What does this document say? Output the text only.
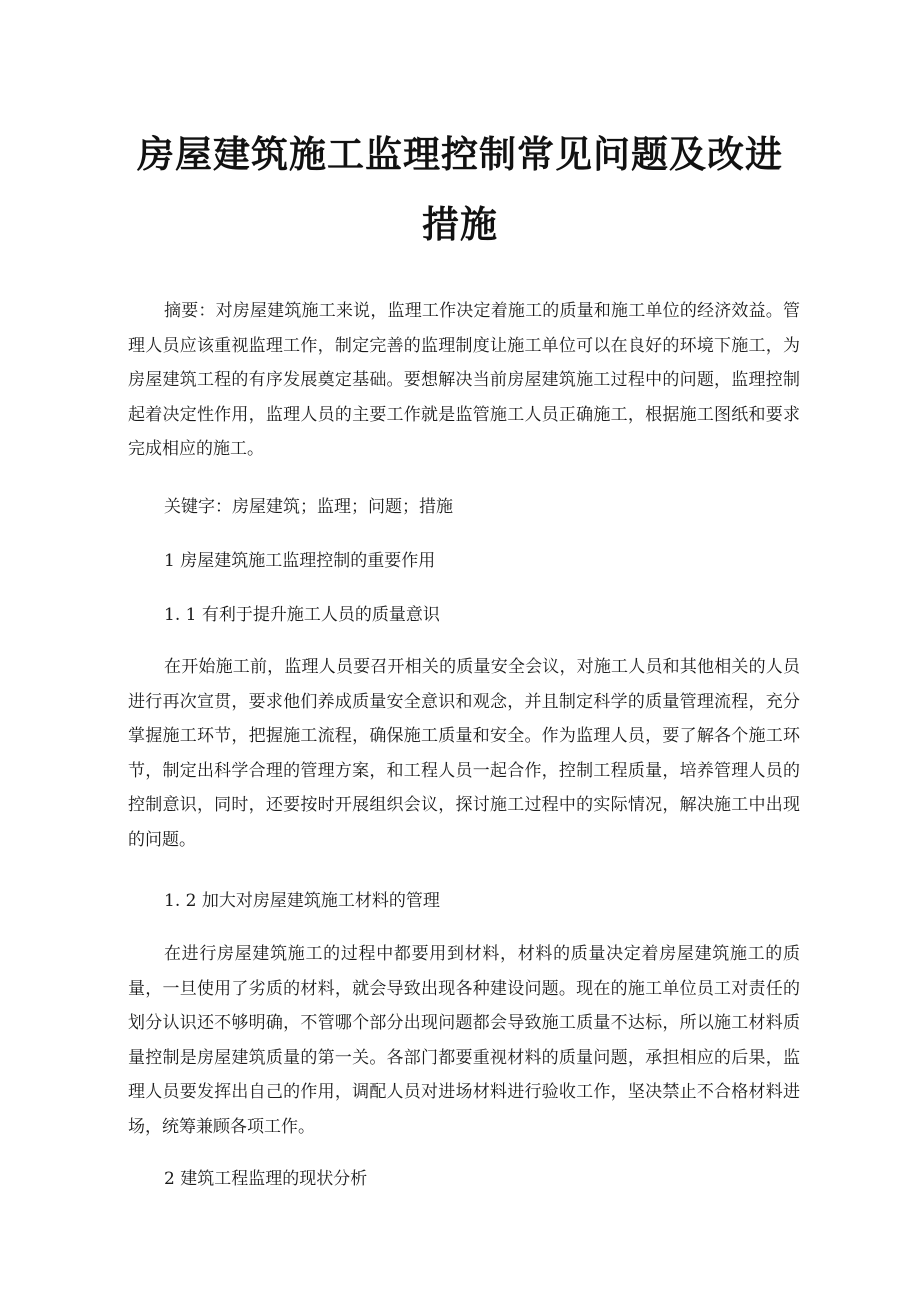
房屋建筑施工监理控制常见问题及改进
措施

摘要：对房屋建筑施工来说，监理工作决定着施工的质量和施工单位的经济效益。管理人员应该重视监理工作，制定完善的监理制度让施工单位可以在良好的环境下施工，为房屋建筑工程的有序发展奠定基础。要想解决当前房屋建筑施工过程中的问题，监理控制起着决定性作用，监理人员的主要工作就是监管施工人员正确施工，根据施工图纸和要求完成相应的施工。

关键字：房屋建筑；监理；问题；措施

1 房屋建筑施工监理控制的重要作用

1. 1 有利于提升施工人员的质量意识

在开始施工前，监理人员要召开相关的质量安全会议，对施工人员和其他相关的人员进行再次宣贯，要求他们养成质量安全意识和观念，并且制定科学的质量管理流程，充分掌握施工环节，把握施工流程，确保施工质量和安全。作为监理人员，要了解各个施工环节，制定出科学合理的管理方案，和工程人员一起合作，控制工程质量，培养管理人员的控制意识，同时，还要按时开展组织会议，探讨施工过程中的实际情况，解决施工中出现的问题。

1. 2 加大对房屋建筑施工材料的管理

在进行房屋建筑施工的过程中都要用到材料，材料的质量决定着房屋建筑施工的质量，一旦使用了劣质的材料，就会导致出现各种建设问题。现在的施工单位员工对责任的划分认识还不够明确，不管哪个部分出现问题都会导致施工质量不达标，所以施工材料质量控制是房屋建筑质量的第一关。各部门都要重视材料的质量问题，承担相应的后果，监理人员要发挥出自己的作用，调配人员对进场材料进行验收工作，坚决禁止不合格材料进场，统筹兼顾各项工作。

2 建筑工程监理的现状分析
